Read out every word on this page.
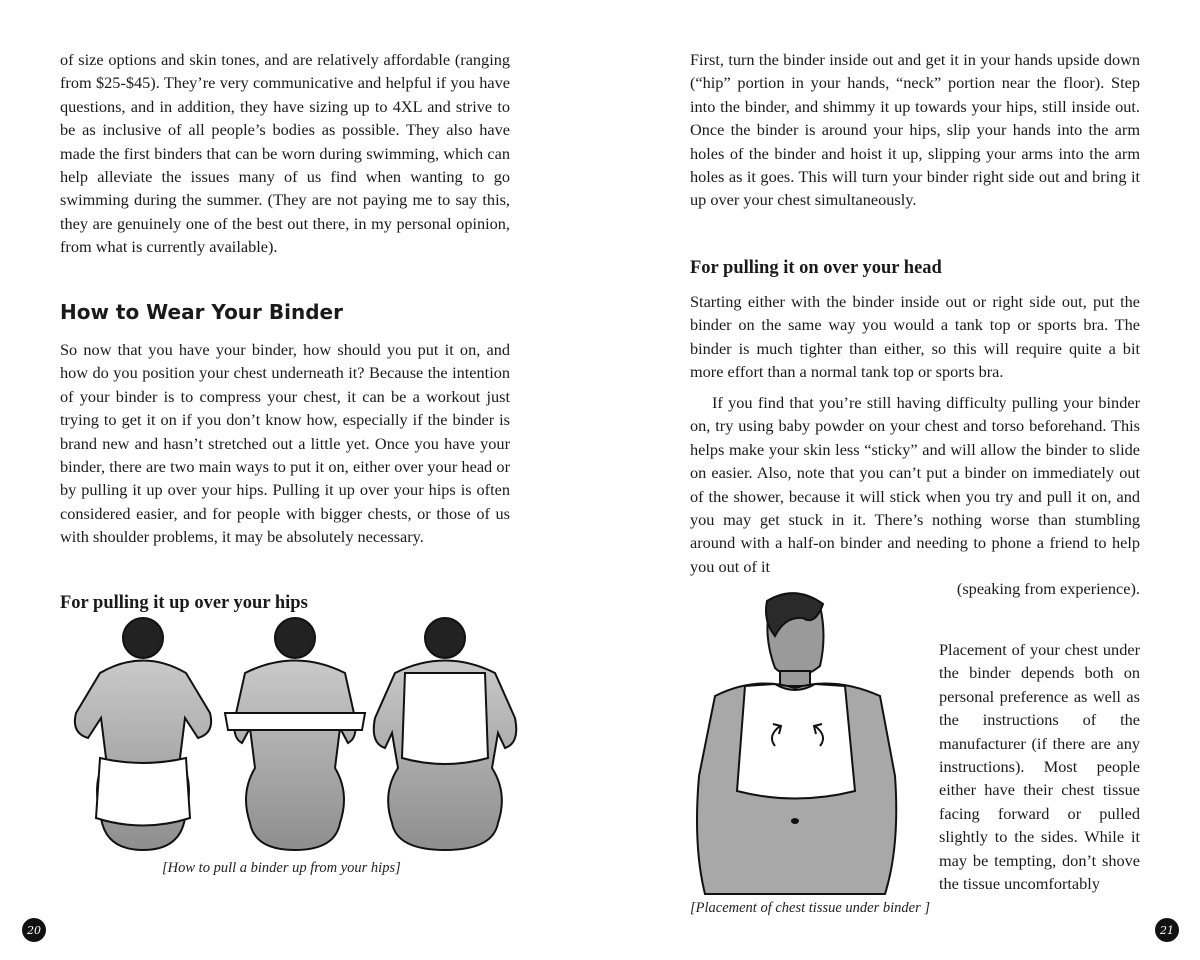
of size options and skin tones, and are relatively affordable (ranging from $25-$45). They’re very communicative and helpful if you have questions, and in addition, they have sizing up to 4XL and strive to be as inclusive of all people’s bodies as possible. They also have made the first binders that can be worn during swimming, which can help alleviate the issues many of us find when wanting to go swimming during the summer. (They are not paying me to say this, they are genuinely one of the best out there, in my personal opinion, from what is currently available).

How to Wear Your Binder

So now that you have your binder, how should you put it on, and how do you position your chest underneath it? Because the intention of your binder is to compress your chest, it can be a workout just trying to get it on if you don’t know how, especially if the binder is brand new and hasn’t stretched out a little yet. Once you have your binder, there are two main ways to put it on, either over your head or by pulling it up over your hips. Pulling it up over your hips is often considered easier, and for people with bigger chests, or those of us with shoulder problems, it may be absolutely necessary.

For pulling it up over your hips
[How to pull a binder up from your hips]
20

First, turn the binder inside out and get it in your hands upside down (“hip” portion in your hands, “neck” portion near the floor). Step into the binder, and shimmy it up towards your hips, still inside out. Once the binder is around your hips, slip your hands into the arm holes of the binder and hoist it up, slipping your arms into the arm holes as it goes. This will turn your binder right side out and bring it up over your chest simultaneously.

For pulling it on over your head

Starting either with the binder inside out or right side out, put the binder on the same way you would a tank top or sports bra. The binder is much tighter than either, so this will require quite a bit more effort than a normal tank top or sports bra.

If you find that you’re still having difficulty pulling your binder on, try using baby powder on your chest and torso beforehand. This helps make your skin less “sticky” and will allow the binder to slide on easier. Also, note that you can’t put a binder on immediately out of the shower, because it will stick when you try and pull it on, and you may get stuck in it. There’s nothing worse than stumbling around with a half-on binder and needing to phone a friend to help you out of it

(speaking from experience).

Placement of your chest under the binder depends both on personal preference as well as the instructions of the manufacturer (if there are any instructions). Most people either have their chest tissue facing forward or pulled slightly to the sides. While it may be tempting, don’t shove the tissue uncomfortably

[Placement of chest tissue under binder ]
21
